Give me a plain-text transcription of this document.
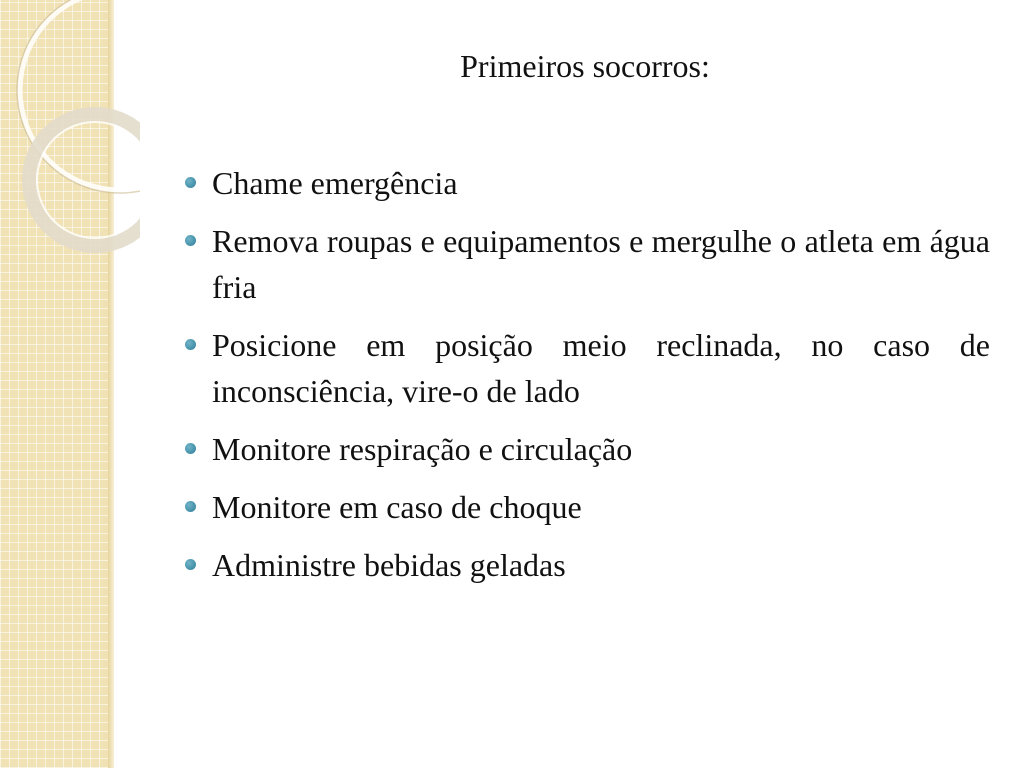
Primeiros socorros:
Chame emergência
Remova roupas e equipamentos e mergulhe o atleta em água fria
Posicione em posição meio reclinada, no caso de inconsciência, vire-o de lado
Monitore respiração e circulação
Monitore em caso de choque
Administre bebidas geladas
